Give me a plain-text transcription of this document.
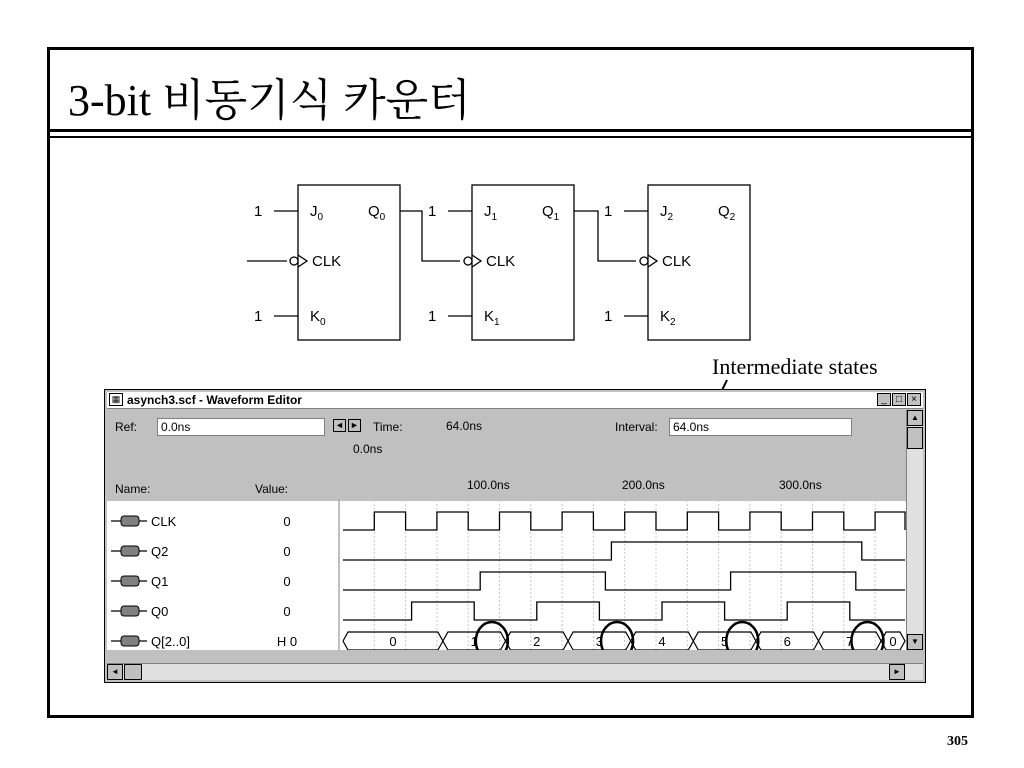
3-bit 비동기식 카운터
1
1
$J_0$
$K_0$
$Q_0$
CLK
1
1
$J_1$
$K_1$
$Q_1$
CLK
1
1
$J_2$
$K_2$
$Q_2$
CLK
Intermediate states
▦ asynch3.scf - Waveform Editor	_ □ ×
Ref:	0.0ns	◄ ► Time:	64.0ns	Interval:	64.0ns
0.0ns
Name:	Value:	100.0ns	200.0ns	300.0ns
CLK	0
Q2	0
Q1	0
Q0	0
Q[2..0]	H 0	0	1	2	3	4	5	6	7	0
▲
▼
◄	►
305
